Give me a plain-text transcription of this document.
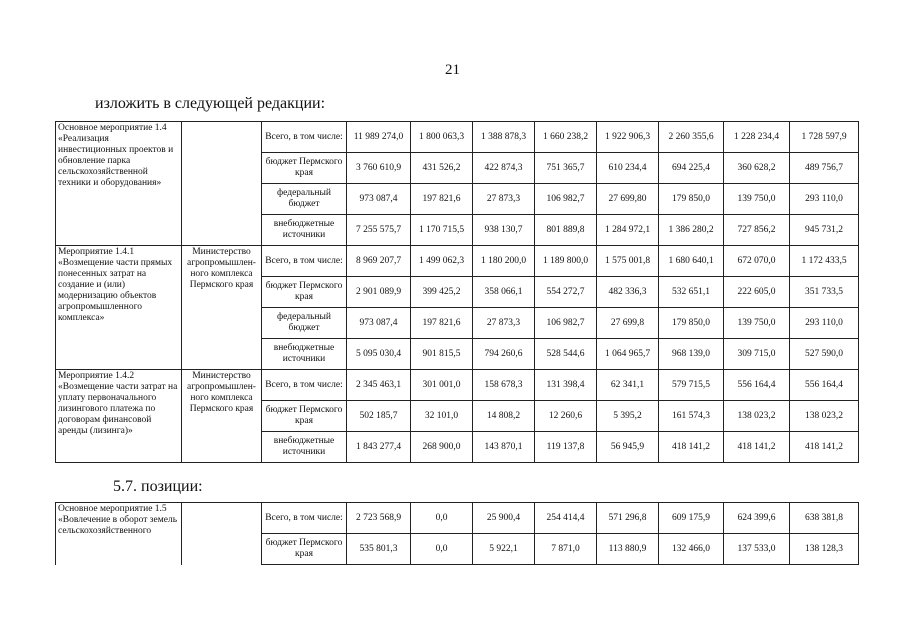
21
изложить в следующей редакции:
5.7. позиции:
Основное мероприятие 1.4 «Реализация инвестиционных проектов и обновление парка сельскохозяйственной техники и оборудования»		Всего, в том числе:	11 989 274,0	1 800 063,3	1 388 878,3	1 660 238,2	1 922 906,3	2 260 355,6	1 228 234,4	1 728 597,9
		бюджет Пермского края	3 760 610,9	431 526,2	422 874,3	751 365,7	610 234,4	694 225,4	360 628,2	489 756,7
		федеральный бюджет	973 087,4	197 821,6	27 873,3	106 982,7	27 699,80	179 850,0	139 750,0	293 110,0
		внебюджетные источники	7 255 575,7	1 170 715,5	938 130,7	801 889,8	1 284 972,1	1 386 280,2	727 856,2	945 731,2
Мероприятие 1.4.1 «Возмещение части прямых понесенных затрат на создание и (или) модернизацию объектов агропромышленного комплекса»	Министерство агропромышлен-ного комплекса Пермского края	Всего, в том числе:	8 969 207,7	1 499 062,3	1 180 200,0	1 189 800,0	1 575 001,8	1 680 640,1	672 070,0	1 172 433,5
		бюджет Пермского края	2 901 089,9	399 425,2	358 066,1	554 272,7	482 336,3	532 651,1	222 605,0	351 733,5
		федеральный бюджет	973 087,4	197 821,6	27 873,3	106 982,7	27 699,8	179 850,0	139 750,0	293 110,0
		внебюджетные источники	5 095 030,4	901 815,5	794 260,6	528 544,6	1 064 965,7	968 139,0	309 715,0	527 590,0
Мероприятие 1.4.2 «Возмещение части затрат на уплату первоначального лизингового платежа по договорам финансовой аренды (лизинга)»	Министерство агропромышлен-ного комплекса Пермского края	Всего, в том числе:	2 345 463,1	301 001,0	158 678,3	131 398,4	62 341,1	579 715,5	556 164,4	556 164,4
		бюджет Пермского края	502 185,7	32 101,0	14 808,2	12 260,6	5 395,2	161 574,3	138 023,2	138 023,2
		внебюджетные источники	1 843 277,4	268 900,0	143 870,1	119 137,8	56 945,9	418 141,2	418 141,2	418 141,2
Основное мероприятие 1.5 «Вовлечение в оборот земель сельскохозяйственного		Всего, в том числе:	2 723 568,9	0,0	25 900,4	254 414,4	571 296,8	609 175,9	624 399,6	638 381,8
		бюджет Пермского края	535 801,3	0,0	5 922,1	7 871,0	113 880,9	132 466,0	137 533,0	138 128,3
